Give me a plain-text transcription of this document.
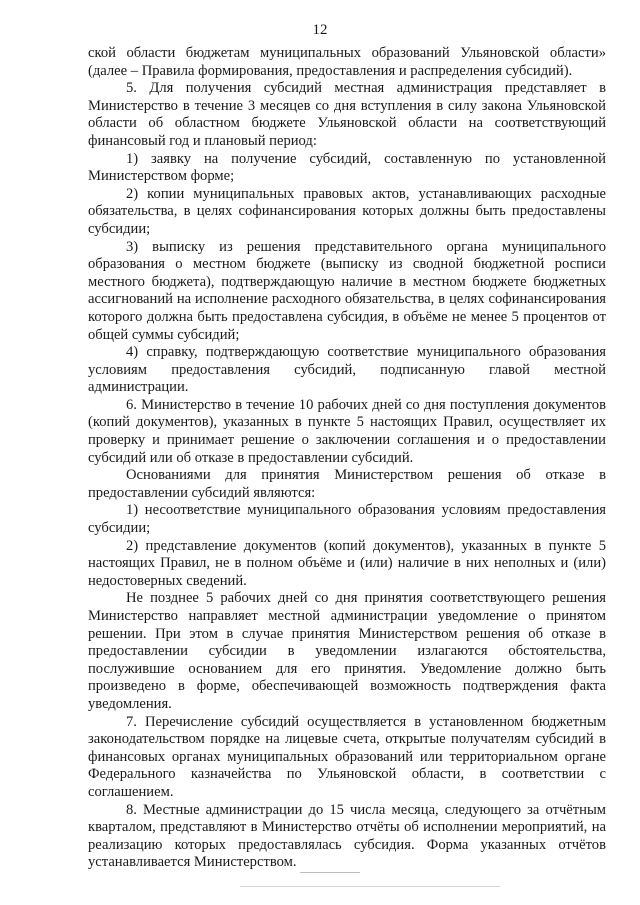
12

ской области бюджетам муниципальных образований Ульяновской области» (далее – Правила формирования, предоставления и распределения субсидий).

5. Для получения субсидий местная администрация представляет в Министерство в течение 3 месяцев со дня вступления в силу закона Ульяновской области об областном бюджете Ульяновской области на соответствующий финансовый год и плановый период:

1) заявку на получение субсидий, составленную по установленной Министерством форме;

2) копии муниципальных правовых актов, устанавливающих расходные обязательства, в целях софинансирования которых должны быть предоставлены субсидии;

3) выписку из решения представительного органа муниципального образования о местном бюджете (выписку из сводной бюджетной росписи местного бюджета), подтверждающую наличие в местном бюджете бюджетных ассигнований на исполнение расходного обязательства, в целях софинансирования которого должна быть предоставлена субсидия, в объёме не менее 5 процентов от общей суммы субсидий;

4) справку, подтверждающую соответствие муниципального образования условиям предоставления субсидий, подписанную главой местной администрации.

6. Министерство в течение 10 рабочих дней со дня поступления документов (копий документов), указанных в пункте 5 настоящих Правил, осуществляет их проверку и принимает решение о заключении соглашения и о предоставлении субсидий или об отказе в предоставлении субсидий.

Основаниями для принятия Министерством решения об отказе в предоставлении субсидий являются:

1) несоответствие муниципального образования условиям предоставления субсидии;

2) представление документов (копий документов), указанных в пункте 5 настоящих Правил, не в полном объёме и (или) наличие в них неполных и (или) недостоверных сведений.

Не позднее 5 рабочих дней со дня принятия соответствующего решения Министерство направляет местной администрации уведомление о принятом решении. При этом в случае принятия Министерством решения об отказе в предоставлении субсидии в уведомлении излагаются обстоятельства, послужившие основанием для его принятия. Уведомление должно быть произведено в форме, обеспечивающей возможность подтверждения факта уведомления.

7. Перечисление субсидий осуществляется в установленном бюджетным законодательством порядке на лицевые счета, открытые получателям субсидий в финансовых органах муниципальных образований или территориальном органе Федерального казначейства по Ульяновской области, в соответствии с соглашением.

8. Местные администрации до 15 числа месяца, следующего за отчётным кварталом, представляют в Министерство отчёты об исполнении мероприятий, на реализацию которых предоставлялась субсидия. Форма указанных отчётов устанавливается Министерством.
